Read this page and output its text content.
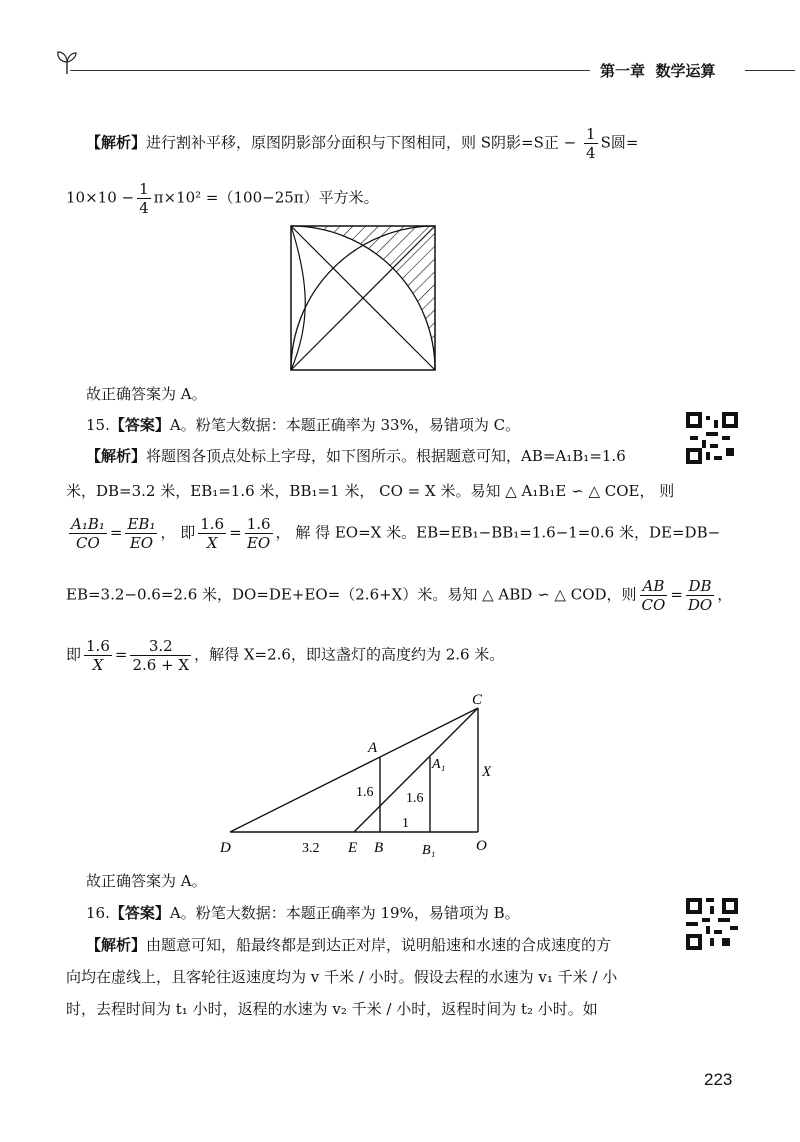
第一章 数学运算
【解析】进行割补平移，原图阴影部分面积与下图相同，则 S阴影=S正 − $\frac{1}{4}$ S圆=
$10\times 10 - \frac{1}{4} \pi\times 10^2 =(100-25\pi)$平方米。
故正确答案为 A。
15.【答案】A。粉笔大数据：本题正确率为 33%，易错项为 C。
【解析】将题图各顶点处标上字母，如下图所示。根据题意可知，AB=A₁B₁=1.6
米，DB=3.2 米，EB₁=1.6 米，BB₁=1 米， CO = X 米。易知 △ A₁B₁E ∽ △ COE， 则
$\frac{\text{A₁B₁}}{CO} = \frac{\text{EB₁}}{EO}$ ， 即 $\frac{1.6}{X} = \frac{1.6}{EO}$ ， 解 得 EO=X 米。EB=EB₁−BB₁=1.6−1=0.6 米，DE=DB−
EB=3.2−0.6=2.6 米，DO=DE+EO=（2.6+X）米。易知 △ ABD ∽ △ COD，则 $\frac{AB}{CO} = \frac{DB}{DO}$ ，
即 $\frac{1.6}{X} = \frac{3.2}{2.6 + X}$ ，解得 X=2.6，即这盏灯的高度约为 2.6 米。
C
A
A₁ X
1.6 1.6
1
D	3.2 E B	B₁	O
故正确答案为 A。
16.【答案】A。粉笔大数据：本题正确率为 19%，易错项为 B。
【解析】由题意可知，船最终都是到达正对岸，说明船速和水速的合成速度的方
向均在虚线上，且客轮往返速度均为 v 千米 / 小时。假设去程的水速为 v₁ 千米 / 小
时，去程时间为 t₁ 小时，返程的水速为 v₂ 千米 / 小时，返程时间为 t₂ 小时。如
223
